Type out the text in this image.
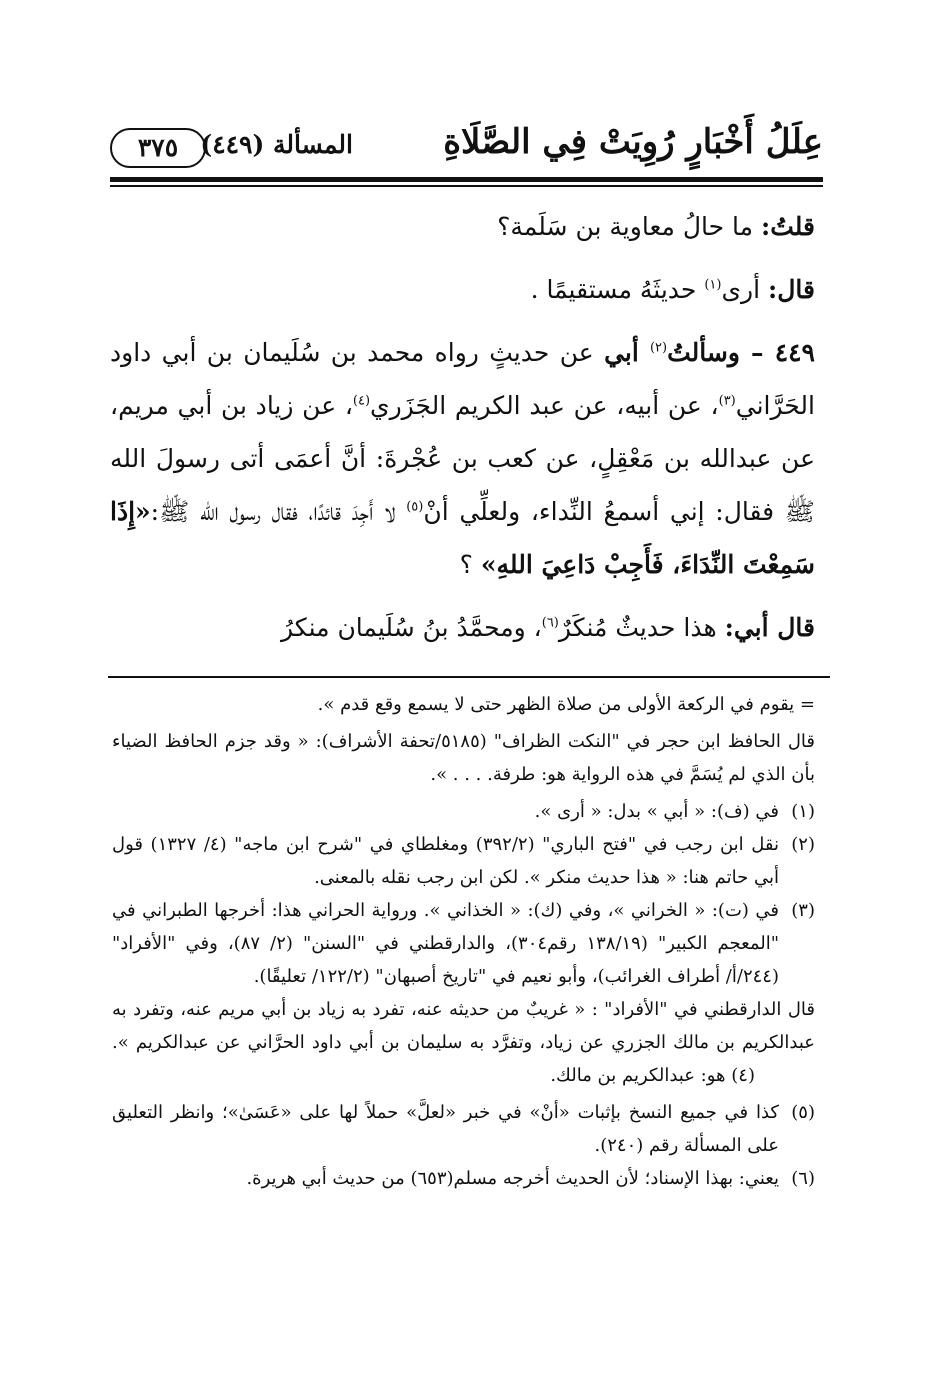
عِلَلُ أَخْبَارٍ رُوِيَتْ فِي الصَّلَاةِ
المسألة (٤٤٩)
٣٧٥

قلتُ: ما حالُ معاوية بن سَلَمة؟

قال: أرى$^{(١)}$ حديثَهُ مستقيمًا .

٤٤٩ – وسألتُ$^{(٢)}$ أبي عن حديثٍ رواه محمد بن سُلَيمان بن أبي داود الحَرَّاني$^{(٣)}$، عن أبيه، عن عبد الكريم الجَزَري$^{(٤)}$، عن زياد بن أبي مريم، عن عبدالله بن مَعْقِلٍ، عن كعب بن عُجْرةَ: أنَّ أعمَى أتى رسولَ الله ﷺ فقال: إني أسمعُ النِّداء، ولعلِّي أنْ$^{(٥)}$ لا أَجِدَ قائدًا، فقال رسول الله ﷺ:«إِذَا سَمِعْتَ النِّدَاءَ، فَأَجِبْ دَاعِيَ اللهِ» ؟

قال أبي: هذا حديثٌ مُنكَرٌ$^{(٦)}$، ومحمَّدُ بنُ سُلَيمان منكرُ

= يقوم في الركعة الأولى من صلاة الظهر حتى لا يسمع وقع قدم ».

قال الحافظ ابن حجر في "النكت الظراف" (٥١٨٥/تحفة الأشراف): « وقد جزم الحافظ الضياء بأن الذي لم يُسَمَّ في هذه الرواية هو: طرفة. . . . ».

(١)
في (ف): « أبي » بدل: « أرى ».
(٢)
نقل ابن رجب في "فتح الباري" (٣٩٢/٢) ومغلطاي في "شرح ابن ماجه" (٤/ ١٣٢٧) قول أبي حاتم هنا: « هذا حديث منكر ». لكن ابن رجب نقله بالمعنى.
(٣)
في (ت): « الخراني »، وفي (ك): « الخذاني ». ورواية الحراني هذا: أخرجها الطبراني في "المعجم الكبير" (١٣٨/١٩ رقم٣٠٤)، والدارقطني في "السنن" (٢/ ٨٧)، وفي "الأفراد" (٢٤٤/أ/ أطراف الغرائب)، وأبو نعيم في "تاريخ أصبهان" (١٢٢/٢/ تعليقًا).

قال الدارقطني في "الأفراد" : « غريبٌ من حديثه عنه، تفرد به زياد بن أبي مريم عنه، وتفرد به عبدالكريم بن مالك الجزري عن زياد، وتفرَّد به سليمان بن أبي داود الحرَّاني عن عبدالكريم ».(٤) هو: عبدالكريم بن مالك.

(٥)
كذا في جميع النسخ بإثبات «أنْ» في خبر «لعلَّ» حملاً لها على «عَسَىٰ»؛ وانظر التعليق على المسألة رقم (٢٤٠).
(٦)
يعني: بهذا الإسناد؛ لأن الحديث أخرجه مسلم(٦٥٣) من حديث أبي هريرة.
